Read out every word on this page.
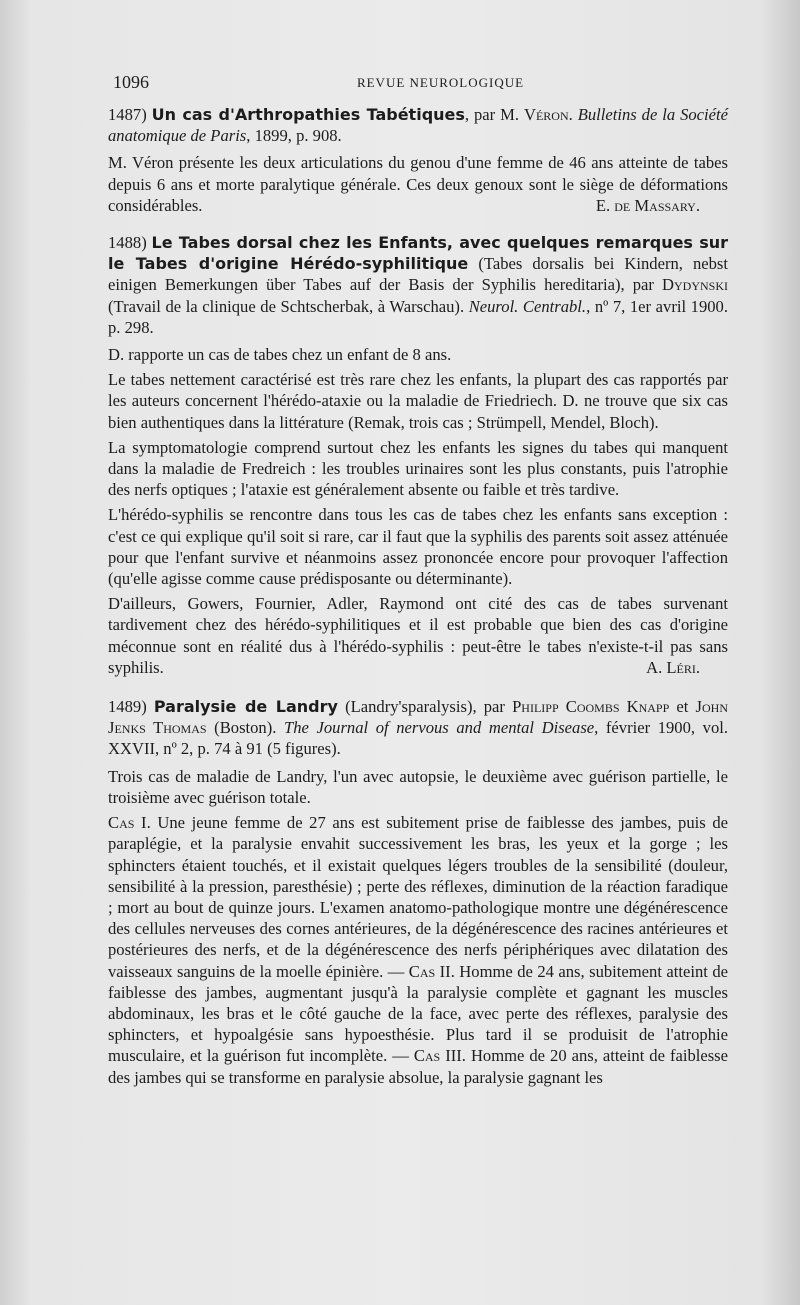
1096	REVUE NEUROLOGIQUE

1487) Un cas d'Arthropathies Tabétiques, par M. Véron. Bulletins de la Société anatomique de Paris, 1899, p. 908.

M. Véron présente les deux articulations du genou d'une femme de 46 ans atteinte de tabes depuis 6 ans et morte paralytique générale. Ces deux genoux sont le siège de déformations considérables.	E. de Massary.

1488) Le Tabes dorsal chez les Enfants, avec quelques remarques sur le Tabes d'origine Hérédo-syphilitique (Tabes dorsalis bei Kindern, nebst einigen Bemerkungen über Tabes auf der Basis der Syphilis hereditaria), par Dydynski (Travail de la clinique de Schtscherbak, à Warschau). Neurol. Centrabl., nº 7, 1er avril 1900. p. 298.

D. rapporte un cas de tabes chez un enfant de 8 ans.

Le tabes nettement caractérisé est très rare chez les enfants, la plupart des cas rapportés par les auteurs concernent l'hérédo-ataxie ou la maladie de Friedriech. D. ne trouve que six cas bien authentiques dans la littérature (Remak, trois cas ; Strümpell, Mendel, Bloch).

La symptomatologie comprend surtout chez les enfants les signes du tabes qui manquent dans la maladie de Fredreich : les troubles urinaires sont les plus constants, puis l'atrophie des nerfs optiques ; l'ataxie est généralement absente ou faible et très tardive.

L'hérédo-syphilis se rencontre dans tous les cas de tabes chez les enfants sans exception : c'est ce qui explique qu'il soit si rare, car il faut que la syphilis des parents soit assez atténuée pour que l'enfant survive et néanmoins assez prononcée encore pour provoquer l'affection (qu'elle agisse comme cause prédisposante ou déterminante).

D'ailleurs, Gowers, Fournier, Adler, Raymond ont cité des cas de tabes survenant tardivement chez des hérédo-syphilitiques et il est probable que bien des cas d'origine méconnue sont en réalité dus à l'hérédo-syphilis : peut-être le tabes n'existe-t-il pas sans syphilis.	A. Léri.

1489) Paralysie de Landry (Landry'sparalysis), par Philipp Coombs Knapp et John Jenks Thomas (Boston). The Journal of nervous and mental Disease, février 1900, vol. XXVII, nº 2, p. 74 à 91 (5 figures).

Trois cas de maladie de Landry, l'un avec autopsie, le deuxième avec guérison partielle, le troisième avec guérison totale.

Cas I. Une jeune femme de 27 ans est subitement prise de faiblesse des jambes, puis de paraplégie, et la paralysie envahit successivement les bras, les yeux et la gorge ; les sphincters étaient touchés, et il existait quelques légers troubles de la sensibilité (douleur, sensibilité à la pression, paresthésie) ; perte des réflexes, diminution de la réaction faradique ; mort au bout de quinze jours. L'examen anatomo-pathologique montre une dégénérescence des cellules nerveuses des cornes antérieures, de la dégénérescence des racines antérieures et postérieures des nerfs, et de la dégénérescence des nerfs périphériques avec dilatation des vaisseaux sanguins de la moelle épinière. — Cas II. Homme de 24 ans, subitement atteint de faiblesse des jambes, augmentant jusqu'à la paralysie complète et gagnant les muscles abdominaux, les bras et le côté gauche de la face, avec perte des réflexes, paralysie des sphincters, et hypoalgésie sans hypoesthésie. Plus tard il se produisit de l'atrophie musculaire, et la guérison fut incomplète. — Cas III. Homme de 20 ans, atteint de faiblesse des jambes qui se transforme en paralysie absolue, la paralysie gagnant les
